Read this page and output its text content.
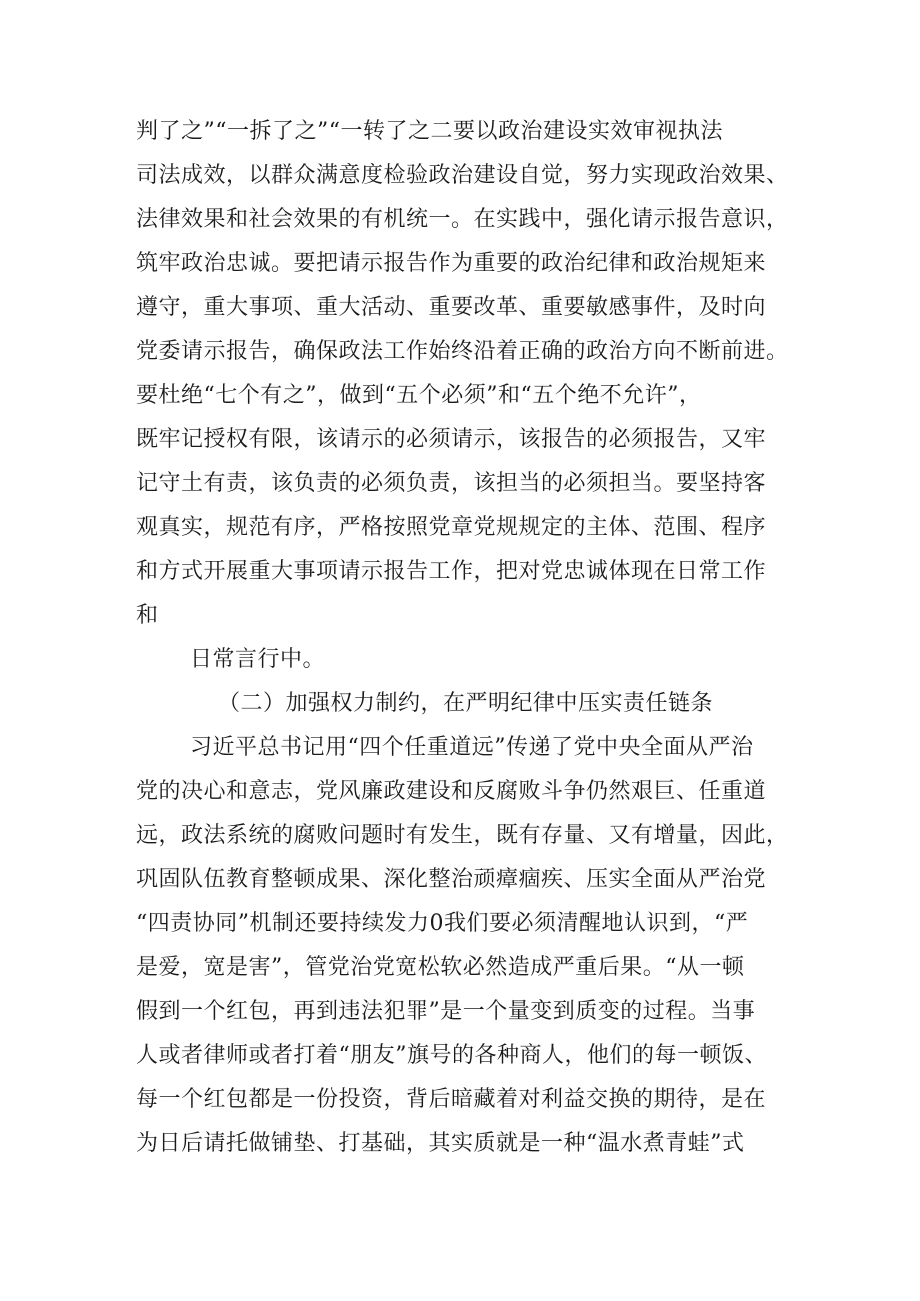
判了之”“一拆了之”“一转了之二要以政治建设实效审视执法
司法成效，以群众满意度检验政治建设自觉，努力实现政治效果、
法律效果和社会效果的有机统一。在实践中，强化请示报告意识，
筑牢政治忠诚。要把请示报告作为重要的政治纪律和政治规矩来
遵守，重大事项、重大活动、重要改革、重要敏感事件，及时向
党委请示报告，确保政法工作始终沿着正确的政治方向不断前进。
要杜绝“七个有之”，做到“五个必须”和“五个绝不允许”，
既牢记授权有限，该请示的必须请示，该报告的必须报告，又牢
记守土有责，该负责的必须负责，该担当的必须担当。要坚持客
观真实，规范有序，严格按照党章党规规定的主体、范围、程序
和方式开展重大事项请示报告工作，把对党忠诚体现在日常工作
和
日常言行中。
（二）加强权力制约，在严明纪律中压实责任链条
习近平总书记用“四个任重道远”传递了党中央全面从严治
党的决心和意志，党风廉政建设和反腐败斗争仍然艰巨、任重道
远，政法系统的腐败问题时有发生，既有存量、又有增量，因此，
巩固队伍教育整顿成果、深化整治顽瘴痼疾、压实全面从严治党
“四责协同”机制还要持续发力0我们要必须清醒地认识到，“严
是爱，宽是害”，管党治党宽松软必然造成严重后果。“从一顿
假到一个红包，再到违法犯罪”是一个量变到质变的过程。当事
人或者律师或者打着“朋友”旗号的各种商人，他们的每一顿饭、
每一个红包都是一份投资，背后暗藏着对利益交换的期待，是在
为日后请托做铺垫、打基础，其实质就是一种“温水煮青蛙”式
